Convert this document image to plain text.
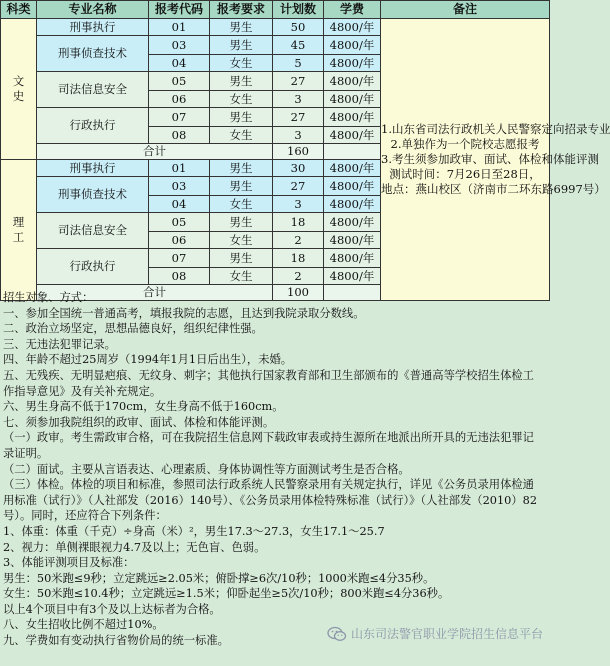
科类	专业名称	报考代码	报考要求	计划数	学费	备注
文史	刑事执行	01	男生	50	4800/年	1.山东省司法行政机关人民警察定向招录专业
2.单独作为一个院校志愿报考
3.考生须参加政审、面试、体检和体能评测
测试时间：7月26日至28日，
地点：燕山校区（济南市二环东路6997号）

	刑事侦查技术	03	男生	45	4800/年	
		04	女生	5	4800/年	
	司法信息安全	05	男生	27	4800/年	
		06	女生	3	4800/年	
	行政执行	07	男生	27	4800/年	
		08	女生	3	4800/年	
	合计			160		
理工	刑事执行	01	男生	30	4800/年	
	刑事侦查技术	03	男生	27	4800/年	
		04	女生	3	4800/年	
	司法信息安全	05	男生	18	4800/年	
		06	女生	2	4800/年	
	行政执行	07	男生	18	4800/年	
		08	女生	2	4800/年	
	合计			100		
招生对象、方式：
一、参加全国统一普通高考，填报我院的志愿，且达到我院录取分数线。
二、政治立场坚定，思想品德良好，组织纪律性强。
三、无违法犯罪记录。
四、年龄不超过25周岁（1994年1月1日后出生），未婚。
五、无残疾、无明显疤痕、无纹身、刺字；其他执行国家教育部和卫生部颁布的《普通高等学校招生体检工作指导意见》及有关补充规定。
六、男生身高不低于170cm，女生身高不低于160cm。
七、须参加我院组织的政审、面试、体检和体能评测。
（一）政审。考生需政审合格，可在我院招生信息网下载政审表或持生源所在地派出所开具的无违法犯罪记录证明。
（二）面试。主要从言语表达、心理素质、身体协调性等方面测试考生是否合格。
（三）体检。体检的项目和标准，参照司法行政系统人民警察录用有关规定执行，详见《公务员录用体检通用标准（试行）》（人社部发（2016）140号）、《公务员录用体检特殊标准（试行）》（人社部发（2010）82号）。同时，还应符合下列条件：
1、体重：体重（千克）÷身高（米）²，男生17.3～27.3，女生17.1～25.7
2、视力：单侧裸眼视力4.7及以上；无色盲、色弱。
3、体能评测项目及标准：
男生：50米跑≤9秒；立定跳远≥2.05米；俯卧撑≥6次/10秒；1000米跑≤4分35秒。
女生：50米跑≤10.4秒；立定跳远≥1.5米；仰卧起坐≥5次/10秒；800米跑≤4分36秒。
以上4个项目中有3个及以上达标者为合格。
八、女生招收比例不超过10%。
九、学费如有变动执行省物价局的统一标准。	山东司法警官职业学院招生信息平台
